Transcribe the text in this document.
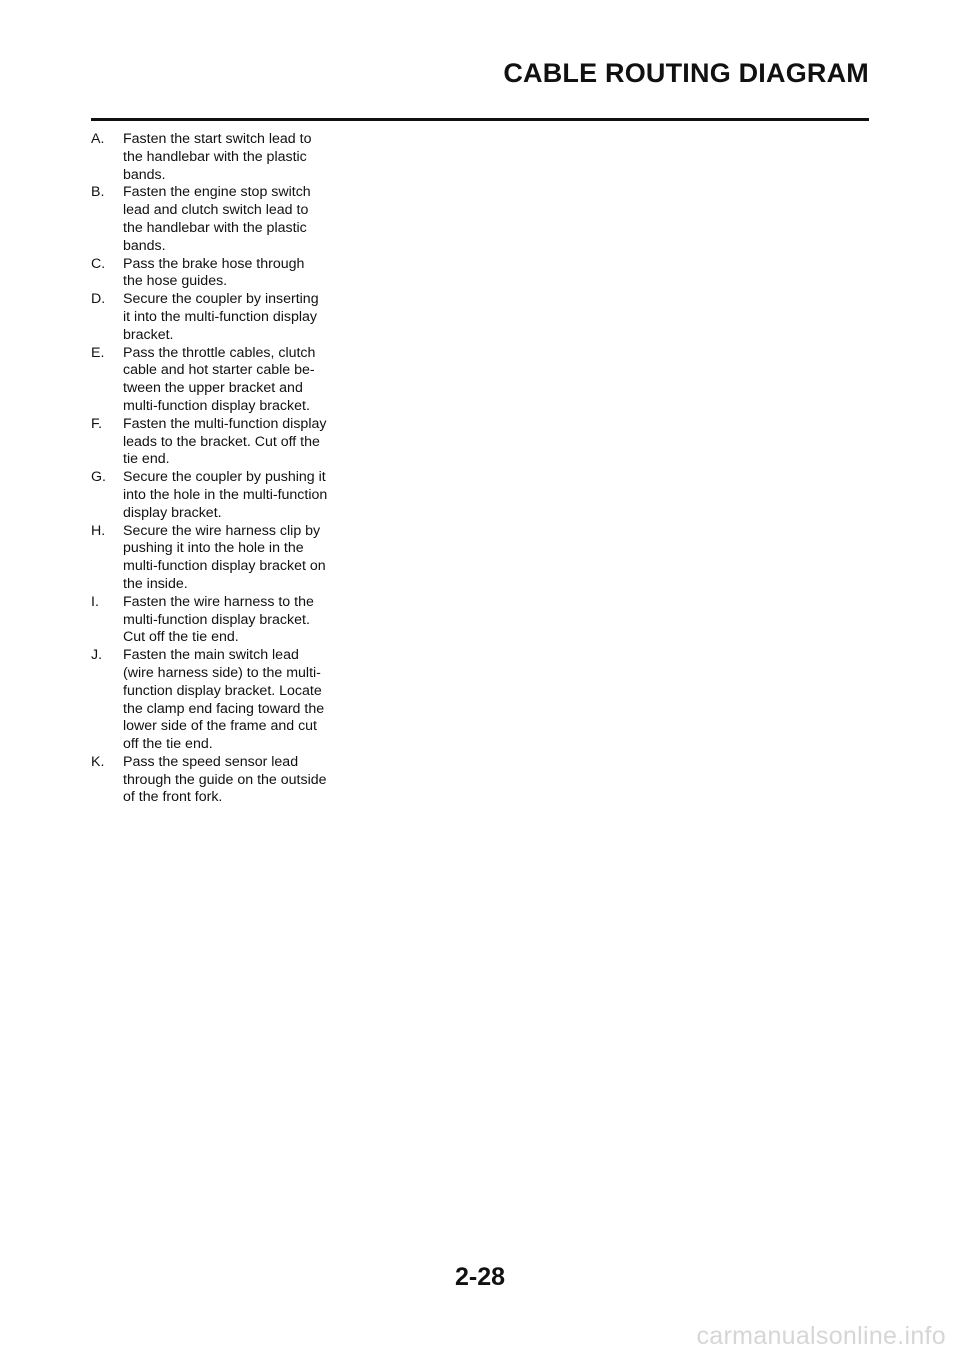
CABLE ROUTING DIAGRAM
A. Fasten the start switch lead to
the handlebar with the plastic
bands.
B. Fasten the engine stop switch
lead and clutch switch lead to
the handlebar with the plastic
bands.
C. Pass the brake hose through
the hose guides.
D. Secure the coupler by inserting
it into the multi-function display
bracket.
E. Pass the throttle cables, clutch
cable and hot starter cable be-
tween the upper bracket and
multi-function display bracket.
F. Fasten the multi-function display
leads to the bracket. Cut off the
tie end.
G. Secure the coupler by pushing it
into the hole in the multi-function
display bracket.
H. Secure the wire harness clip by
pushing it into the hole in the
multi-function display bracket on
the inside.
I. Fasten the wire harness to the
multi-function display bracket.
Cut off the tie end.
J. Fasten the main switch lead
(wire harness side) to the multi-
function display bracket. Locate
the clamp end facing toward the
lower side of the frame and cut
off the tie end.
K. Pass the speed sensor lead
through the guide on the outside
of the front fork.
2-28
carmanualsonline.info
